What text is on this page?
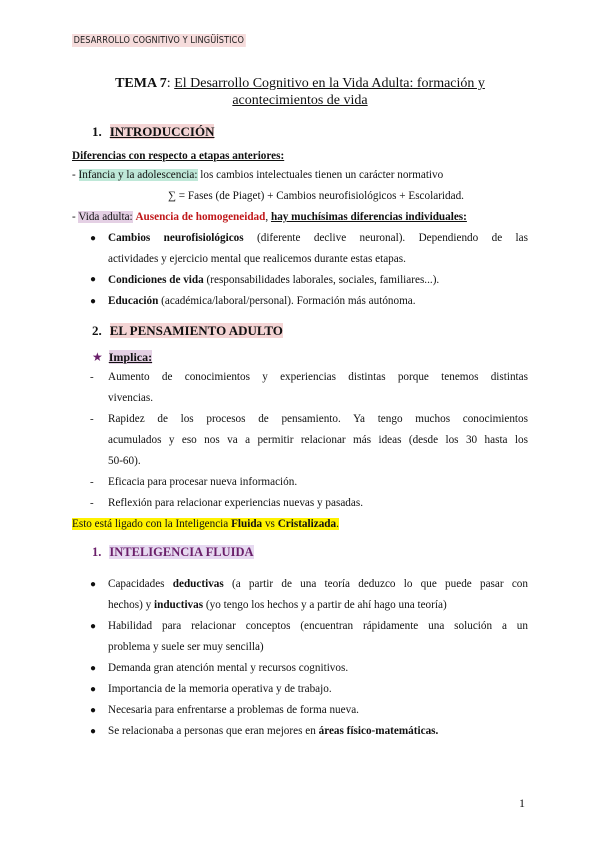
DESARROLLO COGNITIVO Y LINGÜÍSTICO
TEMA 7: El Desarrollo Cognitivo en la Vida Adulta: formación y
acontecimientos de vida
1. INTRODUCCIÓN
Diferencias con respecto a etapas anteriores:
- Infancia y la adolescencia: los cambios intelectuales tienen un carácter normativo
∑ = Fases (de Piaget) + Cambios neurofisiológicos + Escolaridad.
- Vida adulta: Ausencia de homogeneidad, hay muchísimas diferencias individuales:
● Cambios neurofisiológicos (diferente declive neuronal). Dependiendo de las
actividades y ejercicio mental que realicemos durante estas etapas.
● Condiciones de vida (responsabilidades laborales, sociales, familiares...).
● Educación (académica/laboral/personal). Formación más autónoma.
2. EL PENSAMIENTO ADULTO
★ Implica:
- Aumento de conocimientos y experiencias distintas porque tenemos distintas
vivencias.
- Rapidez de los procesos de pensamiento. Ya tengo muchos conocimientos
acumulados y eso nos va a permitir relacionar más ideas (desde los 30 hasta los
50-60).
- Eficacia para procesar nueva información.
- Reflexión para relacionar experiencias nuevas y pasadas.
Esto está ligado con la Inteligencia Fluida vs Cristalizada.
1. INTELIGENCIA FLUIDA
● Capacidades deductivas (a partir de una teoría deduzco lo que puede pasar con
hechos) y inductivas (yo tengo los hechos y a partir de ahí hago una teoría)
● Habilidad para relacionar conceptos (encuentran rápidamente una solución a un
problema y suele ser muy sencilla)
● Demanda gran atención mental y recursos cognitivos.
● Importancia de la memoria operativa y de trabajo.
● Necesaria para enfrentarse a problemas de forma nueva.
● Se relacionaba a personas que eran mejores en áreas físico-matemáticas.
1
